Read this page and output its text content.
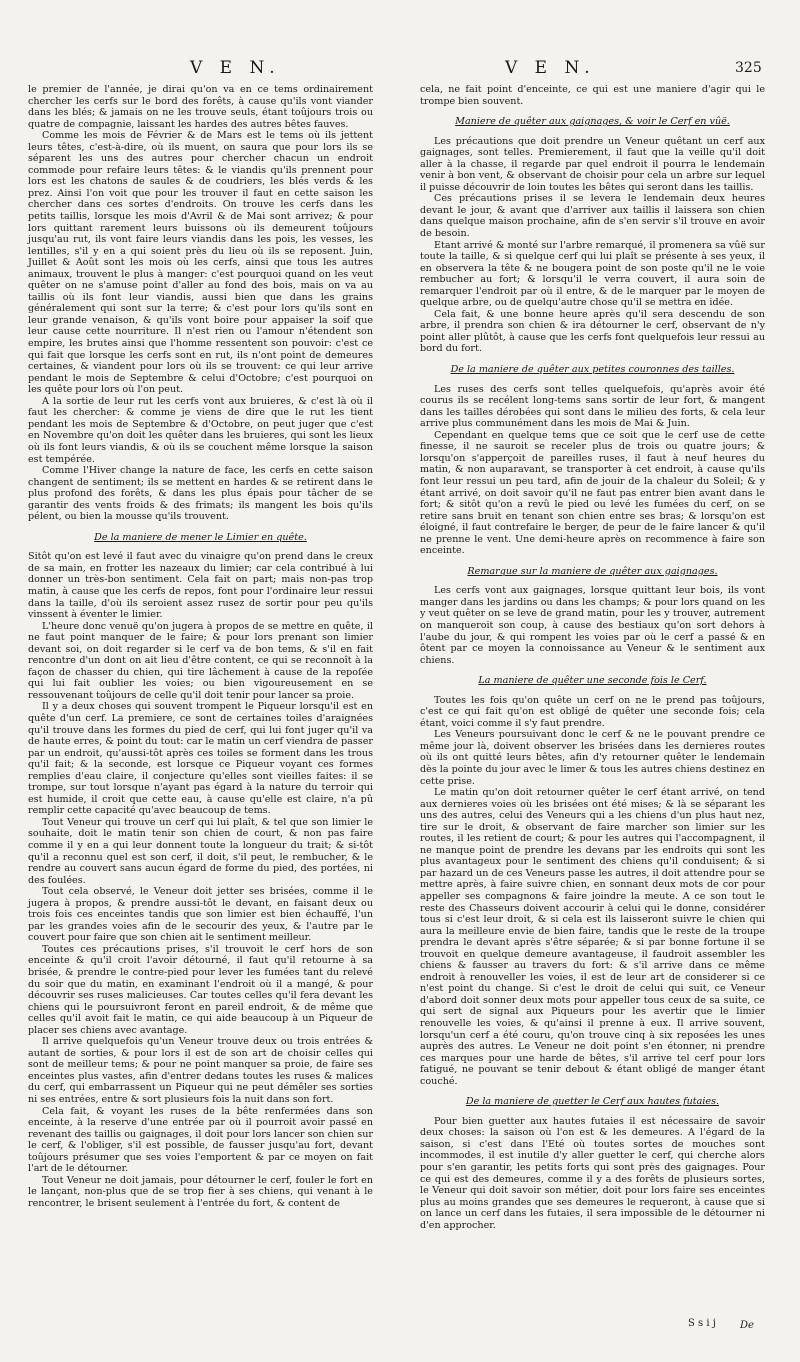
V E N.	V E N.	325

le premier de l'année, je dirai qu'on va en ce tems ordinairement chercher les cerfs sur le bord des forêts, à cause qu'ils vont viander dans les blés; & jamais on ne les trouve seuls, étant toûjours trois ou quatre de compagnie, laissant les hardes des autres bêtes fauves.

Comme les mois de Février & de Mars est le tems où ils jettent leurs têtes, c'est-à-dire, où ils muent, on saura que pour lors ils se séparent les uns des autres pour chercher chacun un endroit commode pour refaire leurs têtes: & le viandis qu'ils prennent pour lors est les chatons de saules & de coudriers, les blés verds & les prez. Ainsi l'on voit que pour les trouver il faut en cette saison les chercher dans ces sortes d'endroits. On trouve les cerfs dans les petits taillis, lorsque les mois d'Avril & de Mai sont arrivez; & pour lors quittant rarement leurs buissons où ils demeurent toûjours jusqu'au rut, ils vont faire leurs viandis dans les pois, les vesses, les lentilles, s'il y en a qui soient près du lieu où ils se reposent. Juin, Juillet & Août sont les mois où les cerfs, ainsi que tous les autres animaux, trouvent le plus à manger: c'est pourquoi quand on les veut quêter on ne s'amuse point d'aller au fond des bois, mais on va au taillis où ils font leur viandis, aussi bien que dans les grains généralement qui sont sur la terre; & c'est pour lors qu'ils sont en leur grande venaison, & qu'ils vont boire pour appaiser la soif que leur cause cette nourriture. Il n'est rien ou l'amour n'étendent son empire, les brutes ainsi que l'homme ressentent son pouvoir: c'est ce qui fait que lorsque les cerfs sont en rut, ils n'ont point de demeures certaines, & viandent pour lors où ils se trouvent: ce qui leur arrive pendant le mois de Septembre & celui d'Octobre; c'est pourquoi on les quête pour lors où l'on peut.

A la sortie de leur rut les cerfs vont aux bruieres, & c'est là où il faut les chercher: & comme je viens de dire que le rut les tient pendant les mois de Septembre & d'Octobre, on peut juger que c'est en Novembre qu'on doit les quêter dans les bruieres, qui sont les lieux où ils font leurs viandis, & où ils se couchent même lorsque la saison est tempérée.

Comme l'Hiver change la nature de face, les cerfs en cette saison changent de sentiment; ils se mettent en hardes & se retirent dans le plus profond des forêts, & dans les plus épais pour tâcher de se garantir des vents froids & des frimats; ils mangent les bois qu'ils pélent, ou bien la mousse qu'ils trouvent.

De la maniere de mener le Limier en quête.

Sitôt qu'on est levé il faut avec du vinaigre qu'on prend dans le creux de sa main, en frotter les nazeaux du limier; car cela contribué à lui donner un très-bon sentiment. Cela fait on part; mais non-pas trop matin, à cause que les cerfs de repos, font pour l'ordinaire leur ressui dans la taille, d'où ils seroient assez rusez de sortir pour peu qu'ils vinssent à éventer le limier.

L'heure donc venuë qu'on jugera à propos de se mettre en quête, il ne faut point manquer de le faire; & pour lors prenant son limier devant soi, on doit regarder si le cerf va de bon tems, & s'il en fait rencontre d'un dont on ait lieu d'être content, ce qui se reconnoît à la façon de chasser du chien, qui tire lâchement à cause de la repoſée qui lui fait oublier les voies; ou bien vigoureusement en se ressouvenant toûjours de celle qu'il doit tenir pour lancer sa proie.

Il y a deux choses qui souvent trompent le Piqueur lorsqu'il est en quête d'un cerf. La premiere, ce sont de certaines toiles d'araignées qu'il trouve dans les formes du pied de cerf, qui lui font juger qu'il va de haute erres, & point du tout: car le matin un cerf viendra de passer par un endroit, qu'aussi-tôt après ces toiles se forment dans les trous qu'il fait; & la seconde, est lorsque ce Piqueur voyant ces formes remplies d'eau claire, il conjecture qu'elles sont vieilles faites: il se trompe, sur tout lorsque n'ayant pas égard à la nature du terroir qui est humide, il croit que cette eau, à cause qu'elle est claire, n'a pû remplir cette capacité qu'avec beaucoup de tems.

Tout Veneur qui trouve un cerf qui lui plaît, & tel que son limier le souhaite, doit le matin tenir son chien de court, & non pas faire comme il y en a qui leur donnent toute la longueur du trait; & si-tôt qu'il a reconnu quel est son cerf, il doit, s'il peut, le rembucher, & le rendre au couvert sans aucun égard de forme du pied, des portées, ni des foulées.

Tout cela observé, le Veneur doit jetter ses brisées, comme il le jugera à propos, & prendre aussi-tôt le devant, en faisant deux ou trois fois ces enceintes tandis que son limier est bien échauffé, l'un par les grandes voies afin de le secourir des yeux, & l'autre par le couvert pour faire que son chien ait le sentiment meilleur.

Toutes ces précautions prises, s'il trouvoit le cerf hors de son enceinte & qu'il croit l'avoir détourné, il faut qu'il retourne à sa brisée, & prendre le contre-pied pour lever les fumées tant du relevé du soir que du matin, en examinant l'endroit où il a mangé, & pour découvrir ses ruses malicieuses. Car toutes celles qu'il fera devant les chiens qui le poursuivront feront en pareil endroit, & de même que celles qu'il avoit fait le matin, ce qui aide beaucoup à un Piqueur de placer ses chiens avec avantage.

Il arrive quelquefois qu'un Veneur trouve deux ou trois entrées & autant de sorties, & pour lors il est de son art de choisir celles qui sont de meilleur tems; & pour ne point manquer sa proie, de faire ses enceintes plus vastes, afin d'entrer dedans toutes les ruses & malices du cerf, qui embarrassent un Piqueur qui ne peut démêler ses sorties ni ses entrées, entre & sort plusieurs fois la nuit dans son fort.

Cela fait, & voyant les ruses de la bête renfermées dans son enceinte, à la reserve d'une entrée par où il pourroit avoir passé en revenant des taillis ou gaignages, il doit pour lors lancer son chien sur le cerf, & l'obliger, s'il est possible, de fausser jusqu'au fort, devant toûjours présumer que ses voies l'emportent & par ce moyen on fait l'art de le détourner.

Tout Veneur ne doit jamais, pour détourner le cerf, fouler le fort en le lançant, non-plus que de se trop fier à ses chiens, qui venant à le rencontrer, le brisent seulement à l'entrée du fort, & content de

cela, ne fait point d'enceinte, ce qui est une maniere d'agir qui le trompe bien souvent.

Maniere de quêter aux gaignages, & voir le Cerf en vûë.

Les précautions que doit prendre un Veneur quêtant un cerf aux gaignages, sont telles. Premierement, il faut que la veille qu'il doit aller à la chasse, il regarde par quel endroit il pourra le lendemain venir à bon vent, & observant de choisir pour cela un arbre sur lequel il puisse découvrir de loin toutes les bêtes qui seront dans les taillis.

Ces précautions prises il se levera le lendemain deux heures devant le jour, & avant que d'arriver aux taillis il laissera son chien dans quelque maison prochaine, afin de s'en servir s'il trouve en avoir de besoin.

Etant arrivé & monté sur l'arbre remarqué, il promenera sa vûë sur toute la taille, & si quelque cerf qui lui plaît se présente à ses yeux, il en observera la tête & ne bougera point de son poste qu'il ne le voie rembucher au fort; & lorsqu'il le verra couvert, il aura soin de remarquer l'endroit par où il entre, & de le marquer par le moyen de quelque arbre, ou de quelqu'autre chose qu'il se mettra en idée.

Cela fait, & une bonne heure après qu'il sera descendu de son arbre, il prendra son chien & ira détourner le cerf, observant de n'y point aller plûtôt, à cause que les cerfs font quelquefois leur ressui au bord du fort.

De la maniere de quêter aux petites couronnes des tailles.

Les ruses des cerfs sont telles quelquefois, qu'après avoir été courus ils se recélent long-tems sans sortir de leur fort, & mangent dans les tailles dérobées qui sont dans le milieu des forts, & cela leur arrive plus communément dans les mois de Mai & Juin.

Cependant en quelque tems que ce soit que le cerf use de cette finesse, il ne sauroit se receler plus de trois ou quatre jours; & lorsqu'on s'apperçoit de pareilles ruses, il faut à neuf heures du matin, & non auparavant, se transporter à cet endroit, à cause qu'ils font leur ressui un peu tard, afin de jouir de la chaleur du Soleil; & y étant arrivé, on doit savoir qu'il ne faut pas entrer bien avant dans le fort; & sitôt qu'on a revû le pied ou levé les fumées du cerf, on se retire sans bruit en tenant son chien entre ses bras; & lorsqu'on est éloigné, il faut contrefaire le berger, de peur de le faire lancer & qu'il ne prenne le vent. Une demi-heure après on recommence à faire son enceinte.

Remarque sur la maniere de quêter aux gaignages.

Les cerfs vont aux gaignages, lorsque quittant leur bois, ils vont manger dans les jardins ou dans les champs; & pour lors quand on les y veut quêter on se leve de grand matin, pour les y trouver, autrement on manqueroit son coup, à cause des bestiaux qu'on sort dehors à l'aube du jour, & qui rompent les voies par où le cerf a passé & en ôtent par ce moyen la connoissance au Veneur & le sentiment aux chiens.

La maniere de quêter une seconde fois le Cerf.

Toutes les fois qu'on quête un cerf on ne le prend pas toûjours, c'est ce qui fait qu'on est obligé de quêter une seconde fois; cela étant, voici comme il s'y faut prendre.

Les Veneurs poursuivant donc le cerf & ne le pouvant prendre ce même jour là, doivent observer les brisées dans les dernieres routes où ils ont quitté leurs bêtes, afin d'y retourner quêter le lendemain dès la pointe du jour avec le limer & tous les autres chiens destinez en cette prise.

Le matin qu'on doit retourner quêter le cerf étant arrivé, on tend aux dernieres voies où les brisées ont été mises; & là se séparant les uns des autres, celui des Veneurs qui a les chiens d'un plus haut nez, tire sur le droit, & observant de faire marcher son limier sur les routes, il les retient de court; & pour les autres qui l'accompagnent, il ne manque point de prendre les devans par les endroits qui sont les plus avantageux pour le sentiment des chiens qu'il conduisent; & si par hazard un de ces Veneurs passe les autres, il doit attendre pour se mettre après, à faire suivre chien, en sonnant deux mots de cor pour appeller ses compagnons & faire joindre la meute. A ce son tout le reste des Chasseurs doivent accourir à celui qui le donne, considérer tous si c'est leur droit, & si cela est ils laisseront suivre le chien qui aura la meilleure envie de bien faire, tandis que le reste de la troupe prendra le devant après s'être séparée; & si par bonne fortune il se trouvoit en quelque demeure avantageuse, il faudroit assembler les chiens & fausser au travers du fort: & s'il arrive dans ce même endroit à renouveller les voies, il est de leur art de considerer si ce n'est point du change. Si c'est le droit de celui qui suit, ce Veneur d'abord doit sonner deux mots pour appeller tous ceux de sa suite, ce qui sert de signal aux Piqueurs pour les avertir que le limier renouvelle les voies, & qu'ainsi il prenne à eux. Il arrive souvent, lorsqu'un cerf a été couru, qu'on trouve cinq à six reposées les unes auprès des autres. Le Veneur ne doit point s'en étonner, ni prendre ces marques pour une harde de bêtes, s'il arrive tel cerf pour lors fatigué, ne pouvant se tenir debout & étant obligé de manger étant couché.

De la maniere de guetter le Cerf aux hautes futaies.

Pour bien guetter aux hautes futaies il est nécessaire de savoir deux choses: la saison où l'on est & les demeures. A l'égard de la saison, si c'est dans l'Eté où toutes sortes de mouches sont incommodes, il est inutile d'y aller guetter le cerf, qui cherche alors pour s'en garantir, les petits forts qui sont près des gaignages. Pour ce qui est des demeures, comme il y a des forêts de plusieurs sortes, le Veneur qui doit savoir son métier, doit pour lors faire ses enceintes plus au moins grandes que ses demeures le requeront, à cause que si on lance un cerf dans les futaies, il sera impossible de le détourner ni d'en approcher.

S s i j De
